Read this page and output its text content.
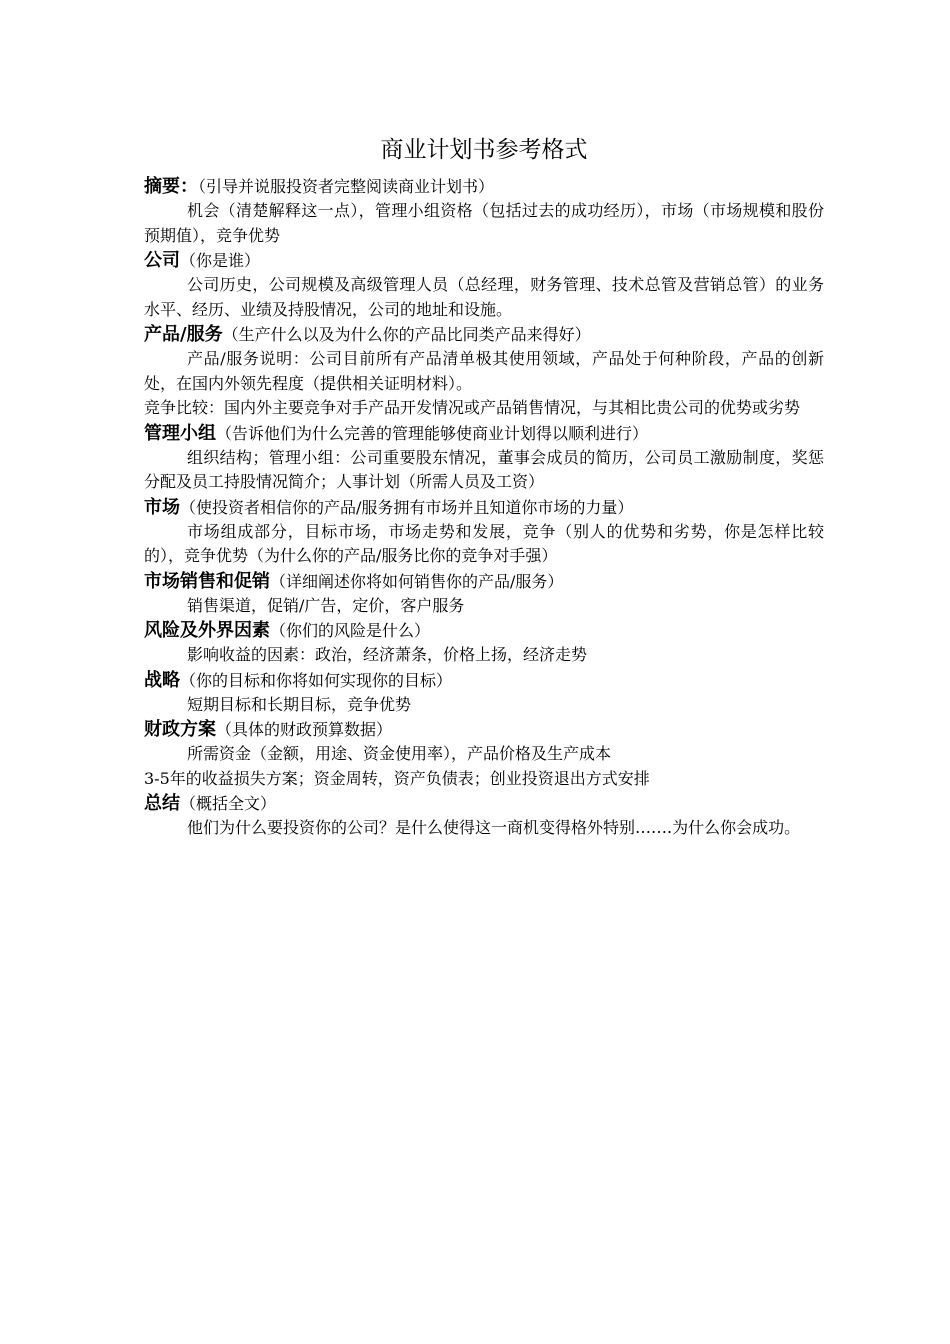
商业计划书参考格式
摘要：（引导并说服投资者完整阅读商业计划书）

机会（清楚解释这一点），管理小组资格（包括过去的成功经历），市场（市场规模和股份预期值），竞争优势

公司（你是谁）

公司历史，公司规模及高级管理人员（总经理，财务管理、技术总管及营销总管）的业务水平、经历、业绩及持股情况，公司的地址和设施。

产品/服务（生产什么以及为什么你的产品比同类产品来得好）

产品/服务说明：公司目前所有产品清单极其使用领域，产品处于何种阶段，产品的创新处，在国内外领先程度（提供相关证明材料）。

竞争比较：国内外主要竞争对手产品开发情况或产品销售情况，与其相比贵公司的优势或劣势

管理小组（告诉他们为什么完善的管理能够使商业计划得以顺利进行）

组织结构；管理小组：公司重要股东情况，董事会成员的简历，公司员工激励制度，奖惩分配及员工持股情况简介；人事计划（所需人员及工资）

市场（使投资者相信你的产品/服务拥有市场并且知道你市场的力量）

市场组成部分，目标市场，市场走势和发展，竞争（别人的优势和劣势，你是怎样比较的），竞争优势（为什么你的产品/服务比你的竞争对手强）

市场销售和促销（详细阐述你将如何销售你的产品/服务）

销售渠道，促销/广告，定价，客户服务

风险及外界因素（你们的风险是什么）

影响收益的因素：政治，经济萧条，价格上扬，经济走势

战略（你的目标和你将如何实现你的目标）

短期目标和长期目标，竞争优势

财政方案（具体的财政预算数据）

所需资金（金额，用途、资金使用率），产品价格及生产成本

3-5年的收益损失方案；资金周转，资产负债表；创业投资退出方式安排

总结（概括全文）

他们为什么要投资你的公司？是什么使得这一商机变得格外特别…….为什么你会成功。
